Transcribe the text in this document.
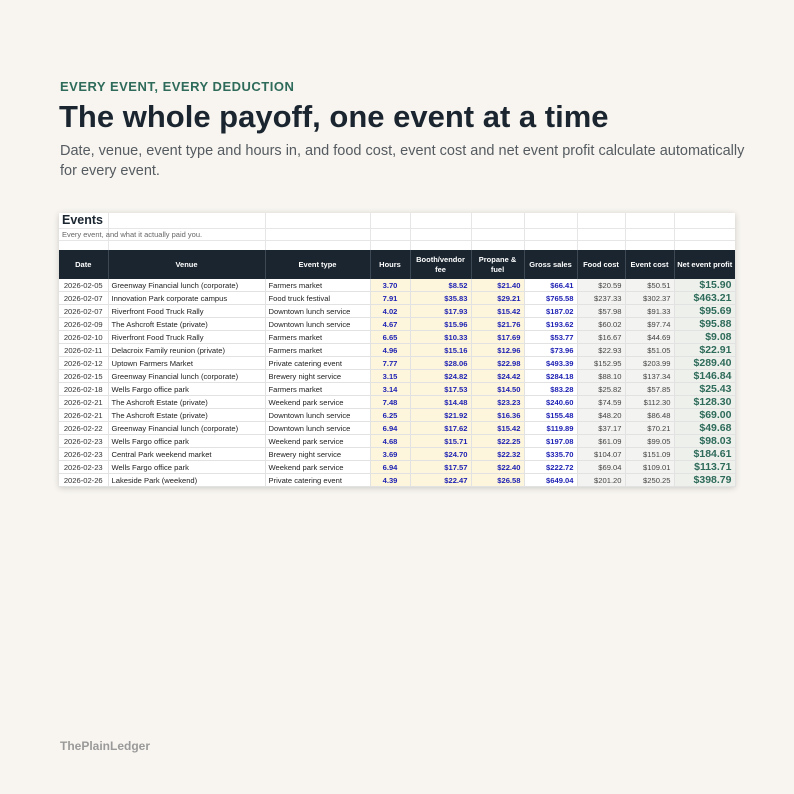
EVERY EVENT, EVERY DEDUCTION
The whole payoff, one event at a time

Date, venue, event type and hours in, and food cost, event cost and net event profit calculate automatically for every event.

Events
Every event, and what it actually paid you.
Date	Venue	Event type	Hours	Booth/vendor fee	Propane & fuel	Gross sales	Food cost	Event cost	Net event profit
2026-02-05	Greenway Financial lunch (corporate)	Farmers market	3.70	$8.52	$21.40	$66.41	$20.59	$50.51	$15.90
2026-02-07	Innovation Park corporate campus	Food truck festival	7.91	$35.83	$29.21	$765.58	$237.33	$302.37	$463.21
2026-02-07	Riverfront Food Truck Rally	Downtown lunch service	4.02	$17.93	$15.42	$187.02	$57.98	$91.33	$95.69
2026-02-09	The Ashcroft Estate (private)	Downtown lunch service	4.67	$15.96	$21.76	$193.62	$60.02	$97.74	$95.88
2026-02-10	Riverfront Food Truck Rally	Farmers market	6.65	$10.33	$17.69	$53.77	$16.67	$44.69	$9.08
2026-02-11	Delacroix Family reunion (private)	Farmers market	4.96	$15.16	$12.96	$73.96	$22.93	$51.05	$22.91
2026-02-12	Uptown Farmers Market	Private catering event	7.77	$28.06	$22.98	$493.39	$152.95	$203.99	$289.40
2026-02-15	Greenway Financial lunch (corporate)	Brewery night service	3.15	$24.82	$24.42	$284.18	$88.10	$137.34	$146.84
2026-02-18	Wells Fargo office park	Farmers market	3.14	$17.53	$14.50	$83.28	$25.82	$57.85	$25.43
2026-02-21	The Ashcroft Estate (private)	Weekend park service	7.48	$14.48	$23.23	$240.60	$74.59	$112.30	$128.30
2026-02-21	The Ashcroft Estate (private)	Downtown lunch service	6.25	$21.92	$16.36	$155.48	$48.20	$86.48	$69.00
2026-02-22	Greenway Financial lunch (corporate)	Downtown lunch service	6.94	$17.62	$15.42	$119.89	$37.17	$70.21	$49.68
2026-02-23	Wells Fargo office park	Weekend park service	4.68	$15.71	$22.25	$197.08	$61.09	$99.05	$98.03
2026-02-23	Central Park weekend market	Brewery night service	3.69	$24.70	$22.32	$335.70	$104.07	$151.09	$184.61
2026-02-23	Wells Fargo office park	Weekend park service	6.94	$17.57	$22.40	$222.72	$69.04	$109.01	$113.71
2026-02-26	Lakeside Park (weekend)	Private catering event	4.39	$22.47	$26.58	$649.04	$201.20	$250.25	$398.79
ThePlainLedger
